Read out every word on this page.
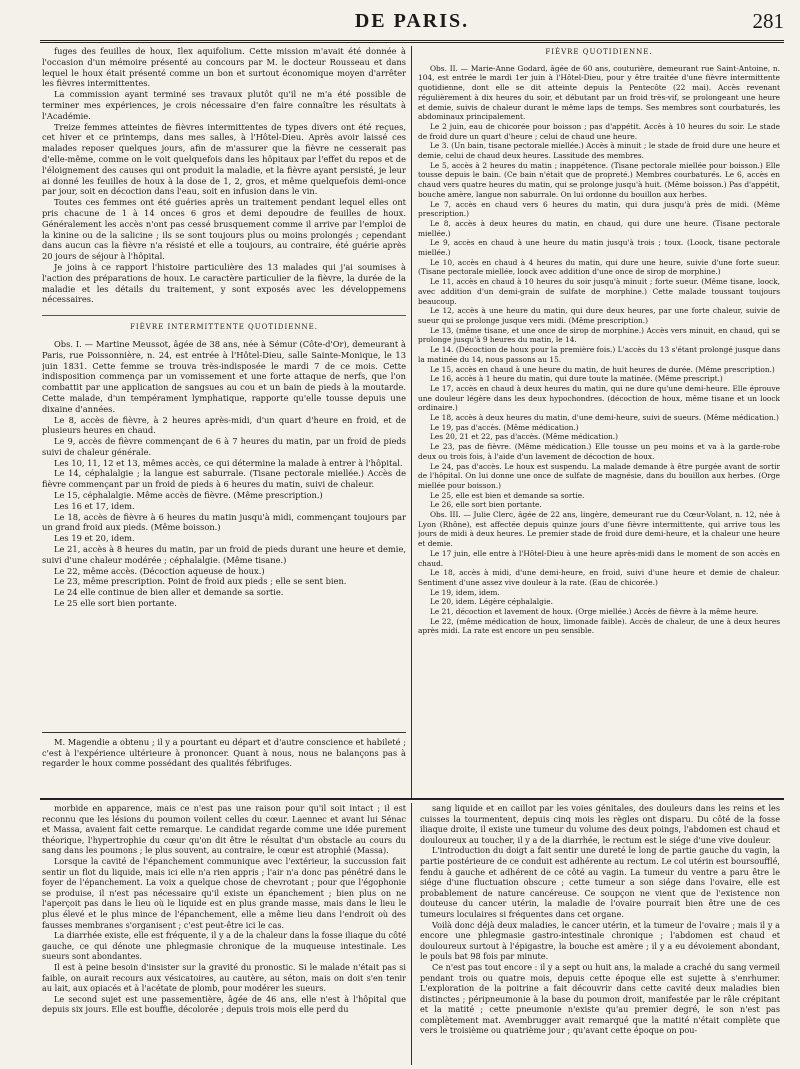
DE PARIS.	281

fuges des feuilles de houx, Ilex aquifolium. Cette mission m'avait été donnée à l'occasion d'un mémoire présenté au concours par M. le docteur Rousseau et dans lequel le houx était présenté comme un bon et surtout économique moyen d'arrêter les fièvres intermittentes.

La commission ayant terminé ses travaux plutôt qu'il ne m'a été possible de terminer mes expériences, je crois nécessaire d'en faire connaître les résultats à l'Académie.

Treize femmes atteintes de fièvres intermittentes de types divers ont été reçues, cet hiver et ce printemps, dans mes salles, à l'Hôtel-Dieu. Après avoir laissé ces malades reposer quelques jours, afin de m'assurer que la fièvre ne cesserait pas d'elle-même, comme on le voit quelquefois dans les hôpitaux par l'effet du repos et de l'éloignement des causes qui ont produit la maladie, et la fièvre ayant persisté, je leur ai donné les feuilles de houx à la dose de 1, 2, gros, et même quelquefois demi-once par jour, soit en décoction dans l'eau, soit en infusion dans le vin.

Toutes ces femmes ont été guéries après un traitement pendant lequel elles ont pris chacune de 1 à 14 onces 6 gros et demi depoudre de feuilles de houx. Généralement les accès n'ont pas cessé brusquement comme il arrive par l'emploi de la kinine ou de la salicine ; ils se sont toujours plus ou moins prolongés ; cependant dans aucun cas la fièvre n'a résisté et elle a toujours, au contraire, été guérie après 20 jours de séjour à l'hôpital.

Je joins à ce rapport l'histoire particulière des 13 malades qui j'ai soumises à l'action des préparations de houx. Le caractère particulier de la fièvre, la durée de la maladie et les détails du traitement, y sont exposés avec les développemens nécessaires.

FIÈVRE INTERMITTENTE QUOTIDIENNE.

Obs. I. — Martine Meussot, âgée de 38 ans, née à Sémur (Côte-d'Or), demeurant à Paris, rue Poissonnière, n. 24, est entrée à l'Hôtel-Dieu, salle Sainte-Monique, le 13 juin 1831. Cette femme se trouva très-indisposée le mardi 7 de ce mois. Cette indisposition commença par un vomissement et une forte attaque de nerfs, que l'on combattit par une application de sangsues au cou et un bain de pieds à la moutarde. Cette malade, d'un tempérament lymphatique, rapporte qu'elle tousse depuis une dixaine d'années.

Le 8, accès de fièvre, à 2 heures après-midi, d'un quart d'heure en froid, et de plusieurs heures en chaud.

Le 9, accès de fièvre commençant de 6 à 7 heures du matin, par un froid de pieds suivi de chaleur générale.

Les 10, 11, 12 et 13, mêmes accès, ce qui détermine la malade à entrer à l'hôpital.

Le 14, céphalalgie ; la langue est saburrale. (Tisane pectorale miellée.) Accès de fièvre commençant par un froid de pieds à 6 heures du matin, suivi de chaleur.

Le 15, céphalalgie. Même accès de fièvre. (Même prescription.)

Les 16 et 17, idem.

Le 18, accès de fièvre à 6 heures du matin jusqu'à midi, commençant toujours par un grand froid aux pieds. (Même boisson.)

Les 19 et 20, idem.

Le 21, accès à 8 heures du matin, par un froid de pieds durant une heure et demie, suivi d'une chaleur modérée ; céphalalgie. (Même tisane.)

Le 22, même accès. (Décoction aqueuse de houx.)

Le 23, même prescription. Point de froid aux pieds ; elle se sent bien.

Le 24 elle continue de bien aller et demande sa sortie.

Le 25 elle sort bien portante.

M. Magendie a obtenu ; il y a pourtant eu départ et d'autre conscience et habileté ; c'est à l'expérience ultérieure à prononcer. Quant à nous, nous ne balançons pas à regarder le houx comme possédant des qualités fébrifuges.

FIÈVRE QUOTIDIENNE.

Obs. II. — Marie-Anne Godard, âgée de 60 ans, couturière, demeurant rue Saint-Antoine, n. 104, est entrée le mardi 1er juin à l'Hôtel-Dieu, pour y être traitée d'une fièvre intermittente quotidienne, dont elle se dit atteinte depuis la Pentecôte (22 mai). Accès revenant régulièrement à dix heures du soir, et débutant par un froid très-vif, se prolongeant une heure et demie, suivis de chaleur durant le même laps de temps. Ses membres sont courbaturés, les abdominaux principalement.

Le 2 juin, eau de chicorée pour boisson ; pas d'appétit. Accès à 10 heures du soir. Le stade de froid dure un quart d'heure ; celui de chaud une heure.

Le 3. (Un bain, tisane pectorale miellée.) Accès à minuit ; le stade de froid dure une heure et demie, celui de chaud deux heures. Lassitude des membres.

Le 5, accès à 2 heures du matin ; inappétence. (Tisane pectorale miellée pour boisson.) Elle tousse depuis le bain. (Ce bain n'était que de propreté.) Membres courbaturés. Le 6, accès en chaud vers quatre heures du matin, qui se prolonge jusqu'à huit. (Même boisson.) Pas d'appétit, bouche amère, langue non saburrale. On lui ordonne du bouillon aux herbes.

Le 7, accès en chaud vers 6 heures du matin, qui dura jusqu'à près de midi. (Même prescription.)

Le 8, accès à deux heures du matin, en chaud, qui dure une heure. (Tisane pectorale miellée.)

Le 9, accès en chaud à une heure du matin jusqu'à trois ; toux. (Loock, tisane pectorale miellée.)

Le 10, accès en chaud à 4 heures du matin, qui dure une heure, suivie d'une forte sueur. (Tisane pectorale miellée, loock avec addition d'une once de sirop de morphine.)

Le 11, accès en chaud à 10 heures du soir jusqu'à minuit ; forte sueur. (Même tisane, loock, avec addition d'un demi-grain de sulfate de morphine.) Cette malade toussant toujours beaucoup.

Le 12, accès à une heure du matin, qui dure deux heures, par une forte chaleur, suivie de sueur qui se prolonge jusque vers midi. (Même prescription.)

Le 13, (même tisane, et une once de sirop de morphine.) Accès vers minuit, en chaud, qui se prolonge jusqu'à 9 heures du matin, le 14.

Le 14. (Décoction de houx pour la première fois.) L'accès du 13 s'étant prolongé jusque dans la matinée du 14, nous passons au 15.

Le 15, accès en chaud à une heure du matin, de huit heures de durée. (Même prescription.)

Le 16, accès à 1 heure du matin, qui dure toute la matinée. (Même prescript.)

Le 17, accès en chaud à deux heures du matin, qui ne dure qu'une demi-heure. Elle éprouve une douleur légère dans les deux hypochondres. (décoction de houx, même tisane et un loock ordinaire.)

Le 18, accès à deux heures du matin, d'une demi-heure, suivi de sueurs. (Même médication.)

Le 19, pas d'accès. (Même médication.)

Les 20, 21 et 22, pas d'accès. (Même médication.)

Le 23, pas de fièvre. (Même médication.) Elle tousse un peu moins et va à la garde-robe deux ou trois fois, à l'aide d'un lavement de décoction de houx.

Le 24, pas d'accès. Le houx est suspendu. La malade demande à être purgée avant de sortir de l'hôpital. On lui donne une once de sulfate de magnésie, dans du bouillon aux herbes. (Orge miellée pour boisson.)

Le 25, elle est bien et demande sa sortie.

Le 26, elle sort bien portante.

Obs. III. — Julie Clerc, âgée de 22 ans, lingère, demeurant rue du Cœur-Volant, n. 12, née à Lyon (Rhône), est affectée depuis quinze jours d'une fièvre intermittente, qui arrive tous les jours de midi à deux heures. Le premier stade de froid dure demi-heure, et la chaleur une heure et demie.

Le 17 juin, elle entre à l'Hôtel-Dieu à une heure après-midi dans le moment de son accès en chaud.

Le 18, accès à midi, d'une demi-heure, en froid, suivi d'une heure et demie de chaleur. Sentiment d'une assez vive douleur à la rate. (Eau de chicorée.)

Le 19, idem, idem.

Le 20, idem. Légère céphalalgie.

Le 21, décoction et lavement de houx. (Orge miellée.) Accès de fièvre à la même heure.

Le 22, (même médication de houx, limonade faible). Accès de chaleur, de une à deux heures après midi. La rate est encore un peu sensible.

morbide en apparence, mais ce n'est pas une raison pour qu'il soit intact ; il est reconnu que les lésions du poumon voilent celles du cœur. Laennec et avant lui Sénac et Massa, avaient fait cette remarque. Le candidat regarde comme une idée purement théorique, l'hypertrophie du cœur qu'on dit être le résultat d'un obstacle au cours du sang dans les poumons ; le plus souvent, au contraire, le cœur est atrophié (Massa).

Lorsque la cavité de l'épanchement communique avec l'extérieur, la succussion fait sentir un flot du liquide, mais ici elle n'a rien appris ; l'air n'a donc pas pénétré dans le foyer de l'épanchement. La voix a quelque chose de chevrotant ; pour que l'égophonie se produise, il n'est pas nécessaire qu'il existe un épanchement ; bien plus on ne l'aperçoit pas dans le lieu où le liquide est en plus grande masse, mais dans le lieu le plus élevé et le plus mince de l'épanchement, elle a même lieu dans l'endroit où des fausses membranes s'organisent ; c'est peut-être ici le cas.

La diarrhée existe, elle est fréquente, il y a de la chaleur dans la fosse iliaque du côté gauche, ce qui dénote une phlegmasie chronique de la muqueuse intestinale. Les sueurs sont abondantes.

Il est à peine besoin d'insister sur la gravité du pronostic. Si le malade n'était pas si faible, on aurait recours aux vésicatoires, au cautère, au séton, mais on doit s'en tenir au lait, aux opiacés et à l'acétate de plomb, pour modérer les sueurs.

Le second sujet est une passementière, âgée de 46 ans, elle n'est à l'hôpital que depuis six jours. Elle est bouffie, décolorée ; depuis trois mois elle perd du

sang liquide et en caillot par les voies génitales, des douleurs dans les reins et les cuisses la tourmentent, depuis cinq mois les règles ont disparu. Du côté de la fosse iliaque droite, il existe une tumeur du volume des deux poings, l'abdomen est chaud et douloureux au toucher, il y a de la diarrhée, le rectum est le siége d'une vive douleur.

L'introduction du doigt a fait sentir une dureté le long de partie gauche du vagin, la partie postérieure de ce conduit est adhérente au rectum. Le col utérin est boursoufflé, fendu à gauche et adhérent de ce côté au vagin. La tumeur du ventre a paru être le siége d'une fluctuation obscure ; cette tumeur a son siége dans l'ovaire, elle est probablement de nature cancéreuse. Ce soupçon ne vient que de l'existence non douteuse du cancer utérin, la maladie de l'ovaire pourrait bien être une de ces tumeurs loculaires si fréquentes dans cet organe.

Voilà donc déjà deux maladies, le cancer utérin, et la tumeur de l'ovaire ; mais il y a encore une phlegmasie gastro-intestinale chronique ; l'abdomen est chaud et douloureux surtout à l'épigastre, la bouche est amère ; il y a eu dévoiement abondant, le pouls bat 98 fois par minute.

Ce n'est pas tout encore : il y a sept ou huit ans, la malade a craché du sang vermeil pendant trois ou quatre mois, depuis cette époque elle est sujette à s'enrhumer. L'exploration de la poitrine a fait découvrir dans cette cavité deux maladies bien distinctes ; péripneumonie à la base du poumon droit, manifestée par le râle crépitant et la matité ; cette pneumonie n'existe qu'au premier degré, le son n'est pas complètement mat. Avembrugger avait remarqué que la matité n'était complète que vers le troisième ou quatrième jour ; qu'avant cette époque on pou-
